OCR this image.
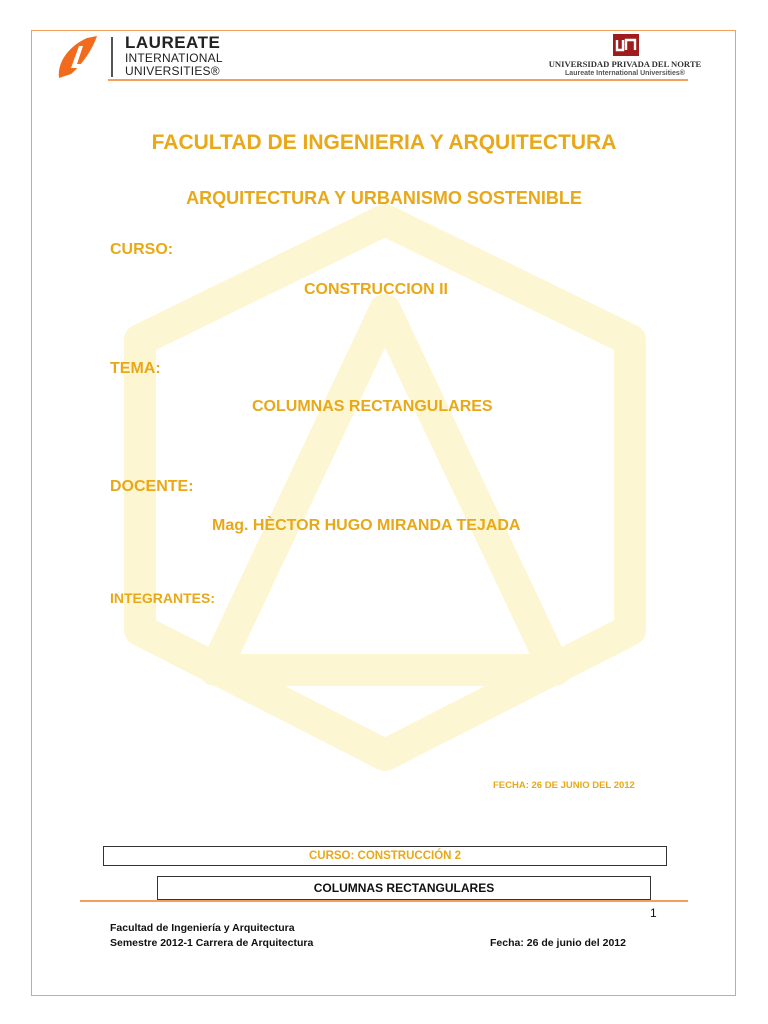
LAUREATE
INTERNATIONAL
UNIVERSITIES®	UNIVERSIDAD PRIVADA DEL NORTE
Laureate International Universities®
FACULTAD DE INGENIERIA Y ARQUITECTURA
ARQUITECTURA Y URBANISMO SOSTENIBLE
CURSO:
CONSTRUCCION II
TEMA:
COLUMNAS RECTANGULARES
DOCENTE:
Mag. HÈCTOR HUGO MIRANDA TEJADA
INTEGRANTES:
FECHA: 26 DE JUNIO DEL 2012
CURSO: CONSTRUCCIÓN 2
COLUMNAS RECTANGULARES
1
Facultad de Ingeniería y Arquitectura
Semestre 2012-1 Carrera de Arquitectura	Fecha: 26 de junio del 2012
